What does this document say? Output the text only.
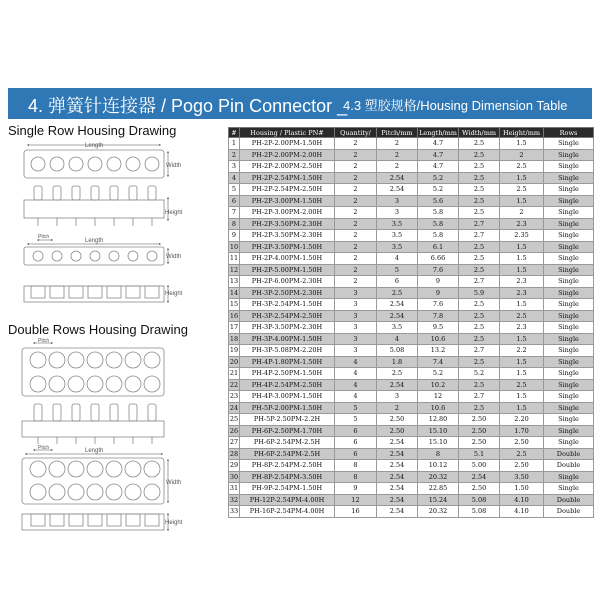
4. 弹簧针连接器 / Pogo Pin Connector _
4.3 塑胶规格/Housing Dimension Table
Single Row Housing Drawing
Double Rows Housing Drawing
Length
Width
Height
Pitch
Length
Width
Height
Pitch
Pitch	Length
Width
Height
#	Housing / Plastic PN#	Quantity/	Pitch/mm	Length/mm	Width/mm	Height/mm	Rows
1	PH-2P-2.00PM-1.50H	2	2	4.7	2.5	1.5	Single
2	PH-2P-2.00PM-2.00H	2	2	4.7	2.5	2	Single
3	PH-2P-2.00PM-2.50H	2	2	4.7	2.5	2.5	Single
4	PH-2P-2.54PM-1.50H	2	2.54	5.2	2.5	1.5	Single
5	PH-2P-2.54PM-2.50H	2	2.54	5.2	2.5	2.5	Single
6	PH-2P-3.00PM-1.50H	2	3	5.6	2.5	1.5	Single
7	PH-2P-3.00PM-2.00H	2	3	5.8	2.5	2	Single
8	PH-2P-3.50PM-2.30H	2	3.5	5.8	2.7	2.3	Single
9	PH-2P-3.50PM-2.30H	2	3.5	5.8	2.7	2.35	Single
10	PH-2P-3.50PM-1.50H	2	3.5	6.1	2.5	1.5	Single
11	PH-2P-4.00PM-1.50H	2	4	6.66	2.5	1.5	Single
12	PH-2P-5.00PM-1.50H	2	5	7.6	2.5	1.5	Single
13	PH-2P-6.00PM-2.30H	2	6	9	2.7	2.3	Single
14	PH-3P-2.50PM-2.30H	3	2.5	9	5.9	2.3	Single
15	PH-3P-2.54PM-1.50H	3	2.54	7.6	2.5	1.5	Single
16	PH-3P-2.54PM-2.50H	3	2.54	7.8	2.5	2.5	Single
17	PH-3P-3.50PM-2.30H	3	3.5	9.5	2.5	2.3	Single
18	PH-3P-4.00PM-1.50H	3	4	10.6	2.5	1.5	Single
19	PH-3P-5.08PM-2.20H	3	5.08	13.2	2.7	2.2	Single
20	PH-4P-1.80PM-1.50H	4	1.8	7.4	2.5	1.5	Single
21	PH-4P-2.50PM-1.50H	4	2.5	5.2	5.2	1.5	Single
22	PH-4P-2.54PM-2.50H	4	2.54	10.2	2.5	2.5	Single
23	PH-4P-3.00PM-1.50H	4	3	12	2.7	1.5	Single
24	PH-5P-2.00PM-1.50H	5	2	10.6	2.5	1.5	Single
25	PH-5P-2.50PM-2.2H	5	2.50	12.80	2.50	2.20	Single
26	PH-6P-2.50PM-1.70H	6	2.50	15.10	2.50	1.70	Single
27	PH-6P-2.54PM-2.5H	6	2.54	15.10	2.50	2.50	Single
28	PH-6P-2.54PM-2.5H	6	2.54	8	5.1	2.5	Double
29	PH-8P-2.54PM-2.50H	8	2.54	10.12	5.00	2.50	Double
30	PH-8P-2.54PM-3.50H	8	2.54	20.32	2.54	3.50	Single
31	PH-9P-2.54PM-1.50H	9	2.54	22.85	2.50	1.50	Single
32	PH-12P-2.54PM-4.00H	12	2.54	15.24	5.08	4.10	Double
33	PH-16P-2.54PM-4.00H	16	2.54	20.32	5.08	4.10	Double
